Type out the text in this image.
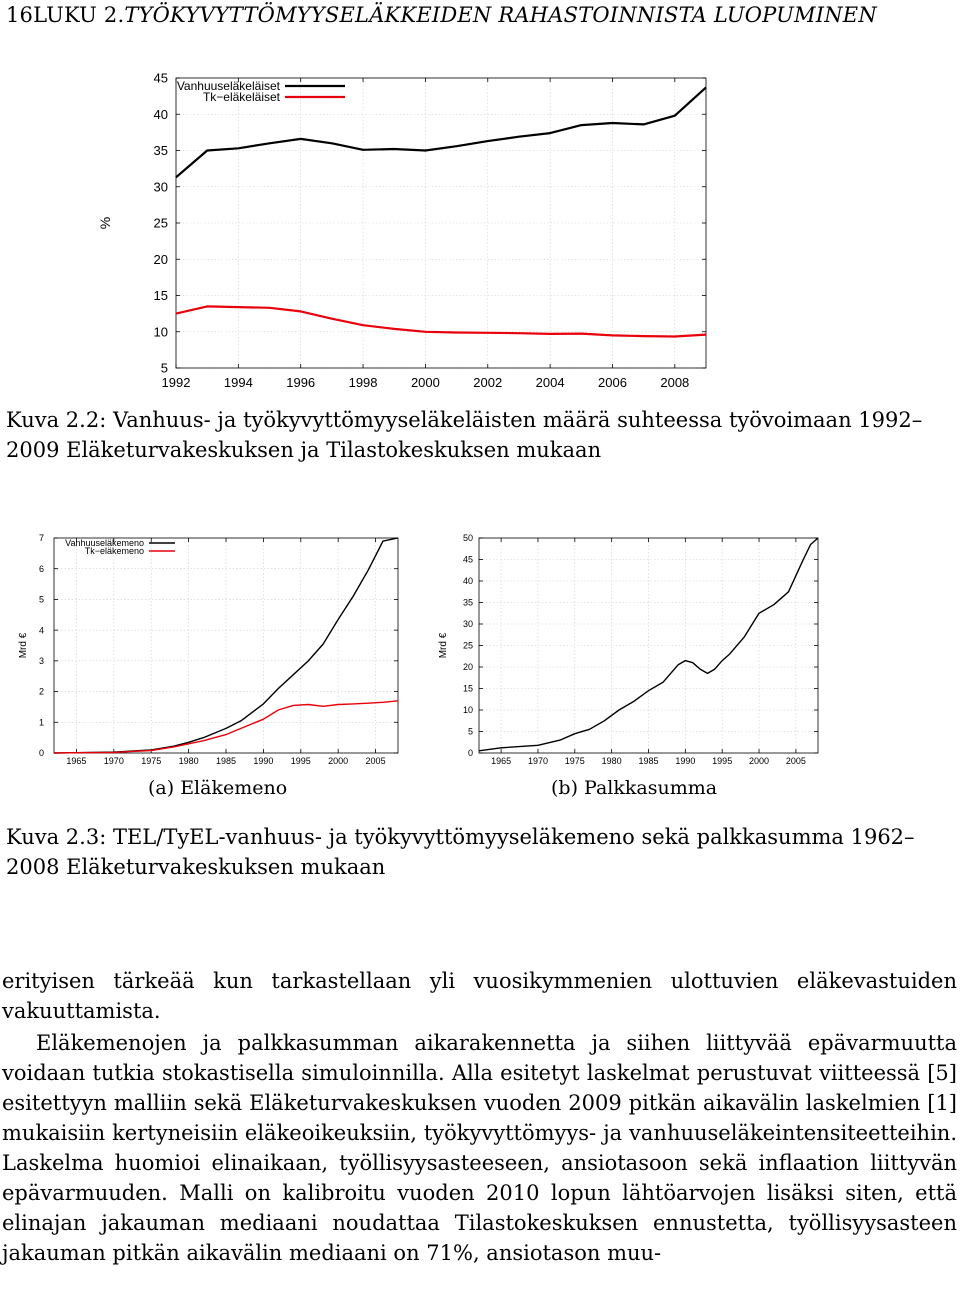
16LUKU 2.TYÖKYVYTTÖMYYSELÄKKEIDEN RAHASTOINNISTA LUOPUMINEN
5
10
15
20
25
30
35
40
45
1992	1994	1996	1998	2000	2002	2004	2006	2008
%
Vanhuuseläkeläiset
Tk−eläkeläiset
Kuva 2.2: Vanhuus- ja työkyvyttömyyseläkeläisten määrä suhteessa työvoimaan 1992–2009 Eläketurvakeskuksen ja Tilastokeskuksen mukaan
0
1
2
3
4
5
6
7
1965 1970 1975 1980 1985 1990 1995 2000 2005
Mrd €
Vanhuuseläkemeno
Tk−eläkemeno
(a) Eläkemeno
0
5
10
15
20
25
30
35
40
45
50
1965 1970 1975 1980 1985 1990 1995 2000 2005
Mrd €
(b) Palkkasumma
Kuva 2.3: TEL/TyEL-vanhuus- ja työkyvyttömyyseläkemeno sekä palkkasumma 1962–2008 Eläketurvakeskuksen mukaan

erityisen tärkeää kun tarkastellaan yli vuosikymmenien ulottuvien eläkevastuiden vakuuttamista.

Eläkemenojen ja palkkasumman aikarakennetta ja siihen liittyvää epävarmuutta voidaan tutkia stokastisella simuloinnilla. Alla esitetyt laskelmat perustuvat viitteessä [5] esitettyyn malliin sekä Eläketurvakeskuksen vuoden 2009 pitkän aikavälin laskelmien [1] mukaisiin kertyneisiin eläkeoikeuksiin, työkyvyttömyys- ja vanhuuseläkeintensiteetteihin. Laskelma huomioi elinaikaan, työllisyysasteeseen, ansiotasoon sekä inflaation liittyvän epävarmuuden. Malli on kalibroitu vuoden 2010 lopun lähtöarvojen lisäksi siten, että elinajan jakauman mediaani noudattaa Tilastokeskuksen ennustetta, työllisyysasteen jakauman pitkän aikavälin mediaani on 71%, ansiotason muu-
